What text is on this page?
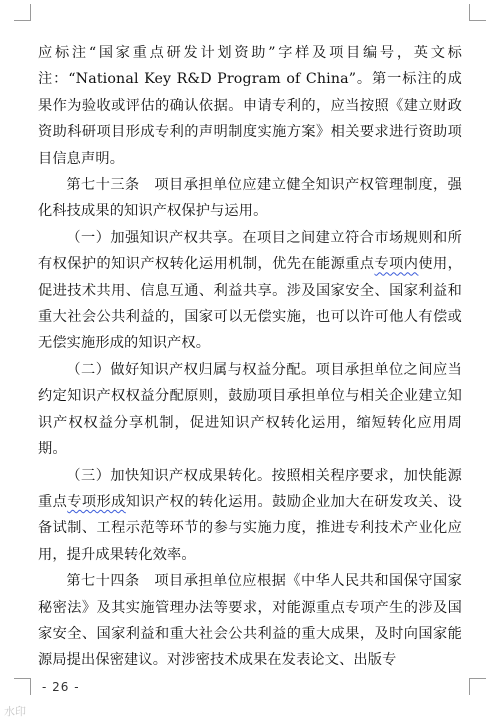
应标注“国家重点研发计划资助”字样及项目编号，英文标注：“National Key R&D Program of China”。第一标注的成果作为验收或评估的确认依据。申请专利的，应当按照《建立财政资助科研项目形成专利的声明制度实施方案》相关要求进行资助项目信息声明。

第七十三条　项目承担单位应建立健全知识产权管理制度，强化科技成果的知识产权保护与运用。

（一）加强知识产权共享。在项目之间建立符合市场规则和所有权保护的知识产权转化运用机制，优先在能源重点专项内使用，促进技术共用、信息互通、利益共享。涉及国家安全、国家利益和重大社会公共利益的，国家可以无偿实施，也可以许可他人有偿或无偿实施形成的知识产权。

（二）做好知识产权归属与权益分配。项目承担单位之间应当约定知识产权权益分配原则，鼓励项目承担单位与相关企业建立知识产权权益分享机制，促进知识产权转化运用，缩短转化应用周期。

（三）加快知识产权成果转化。按照相关程序要求，加快能源重点专项形成知识产权的转化运用。鼓励企业加大在研发攻关、设备试制、工程示范等环节的参与实施力度，推进专利技术产业化应用，提升成果转化效率。

第七十四条　项目承担单位应根据《中华人民共和国保守国家秘密法》及其实施管理办法等要求，对能源重点专项产生的涉及国家安全、国家利益和重大社会公共利益的重大成果，及时向国家能源局提出保密建议。对涉密技术成果在发表论文、出版专

- 26 -
水印
